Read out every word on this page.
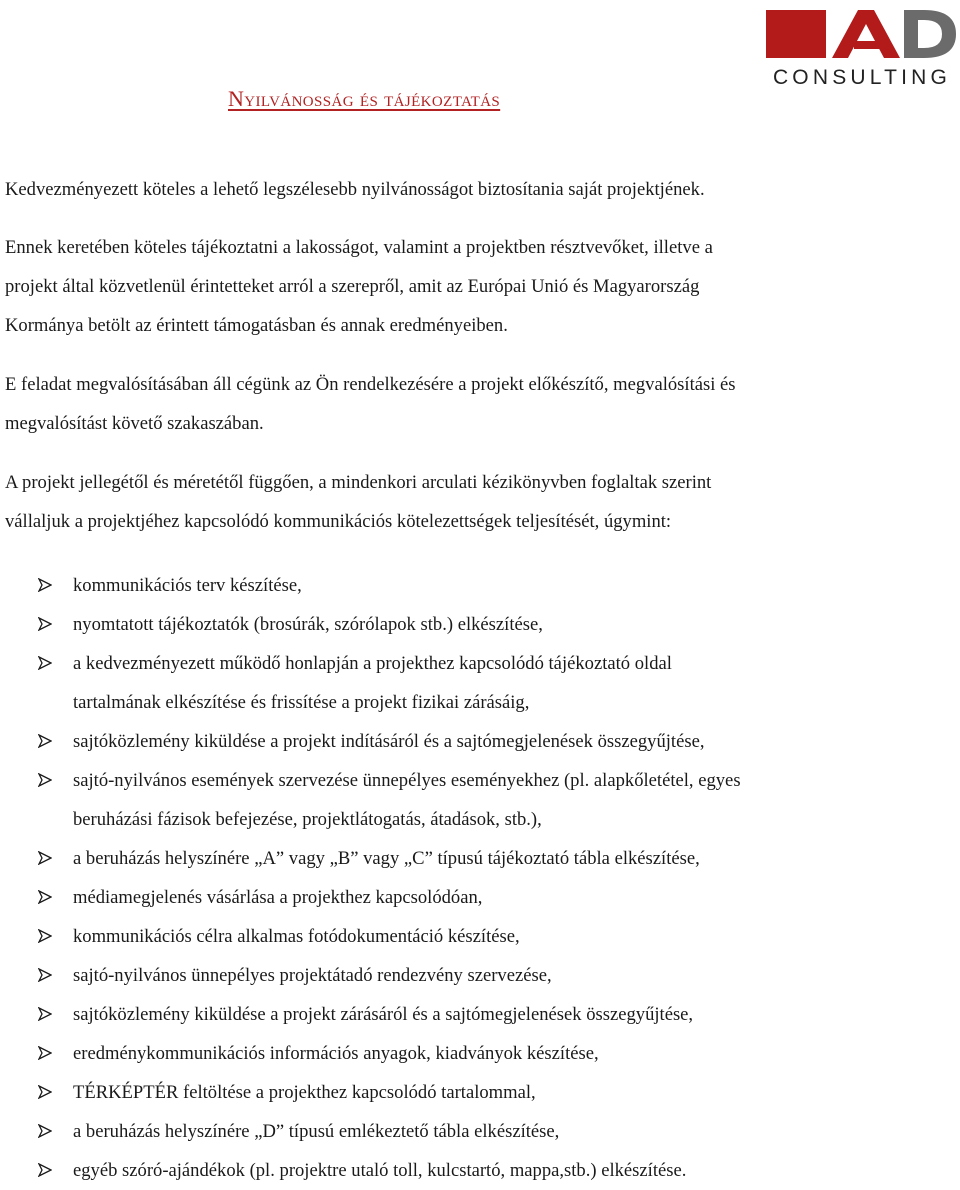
CONSULTING
Nyilvánosság és tájékoztatás
Kedvezményezett köteles a lehető legszélesebb nyilvánosságot biztosítania saját projektjének.
Ennek keretében köteles tájékoztatni a lakosságot, valamint a projektben résztvevőket, illetve a
projekt által közvetlenül érintetteket arról a szerepről, amit az Európai Unió és Magyarország
Kormánya betölt az érintett támogatásban és annak eredményeiben.
E feladat megvalósításában áll cégünk az Ön rendelkezésére a projekt előkészítő, megvalósítási és
megvalósítást követő szakaszában.
A projekt jellegétől és méretétől függően, a mindenkori arculati kézikönyvben foglaltak szerint
vállaljuk a projektjéhez kapcsolódó kommunikációs kötelezettségek teljesítését, úgymint:
kommunikációs terv készítése,
nyomtatott tájékoztatók (brosúrák, szórólapok stb.) elkészítése,
a kedvezményezett működő honlapján a projekthez kapcsolódó tájékoztató oldal
tartalmának elkészítése és frissítése a projekt fizikai zárásáig,
sajtóközlemény kiküldése a projekt indításáról és a sajtómegjelenések összegyűjtése,
sajtó-nyilvános események szervezése ünnepélyes eseményekhez (pl. alapkőletétel, egyes
beruházási fázisok befejezése, projektlátogatás, átadások, stb.),
a beruházás helyszínére „A” vagy „B” vagy „C” típusú tájékoztató tábla elkészítése,
médiamegjelenés vásárlása a projekthez kapcsolódóan,
kommunikációs célra alkalmas fotódokumentáció készítése,
sajtó-nyilvános ünnepélyes projektátadó rendezvény szervezése,
sajtóközlemény kiküldése a projekt zárásáról és a sajtómegjelenések összegyűjtése,
eredménykommunikációs információs anyagok, kiadványok készítése,
TÉRKÉPTÉR feltöltése a projekthez kapcsolódó tartalommal,
a beruházás helyszínére „D” típusú emlékeztető tábla elkészítése,
egyéb szóró-ajándékok (pl. projektre utaló toll, kulcstartó, mappa,stb.) elkészítése.
